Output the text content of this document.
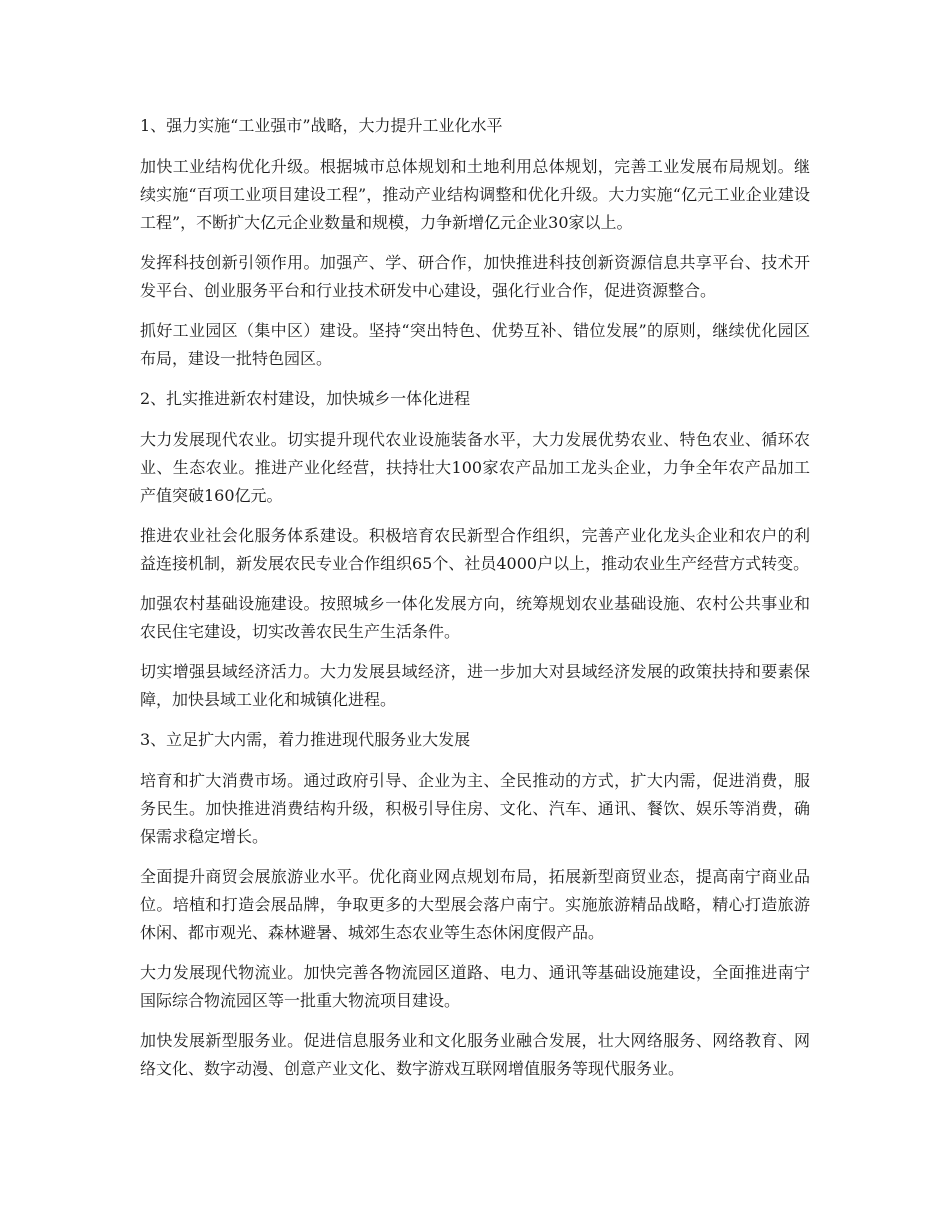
1、强力实施“工业强市”战略，大力提升工业化水平

加快工业结构优化升级。根据城市总体规划和土地利用总体规划，完善工业发展布局规划。继续实施“百项工业项目建设工程”，推动产业结构调整和优化升级。大力实施“亿元工业企业建设工程”，不断扩大亿元企业数量和规模，力争新增亿元企业30家以上。

发挥科技创新引领作用。加强产、学、研合作，加快推进科技创新资源信息共享平台、技术开发平台、创业服务平台和行业技术研发中心建设，强化行业合作，促进资源整合。

抓好工业园区（集中区）建设。坚持“突出特色、优势互补、错位发展”的原则，继续优化园区布局，建设一批特色园区。

2、扎实推进新农村建设，加快城乡一体化进程

大力发展现代农业。切实提升现代农业设施装备水平，大力发展优势农业、特色农业、循环农业、生态农业。推进产业化经营，扶持壮大100家农产品加工龙头企业，力争全年农产品加工产值突破160亿元。

推进农业社会化服务体系建设。积极培育农民新型合作组织，完善产业化龙头企业和农户的利益连接机制，新发展农民专业合作组织65个、社员4000户以上，推动农业生产经营方式转变。

加强农村基础设施建设。按照城乡一体化发展方向，统筹规划农业基础设施、农村公共事业和农民住宅建设，切实改善农民生产生活条件。

切实增强县域经济活力。大力发展县域经济，进一步加大对县域经济发展的政策扶持和要素保障，加快县域工业化和城镇化进程。

3、立足扩大内需，着力推进现代服务业大发展

培育和扩大消费市场。通过政府引导、企业为主、全民推动的方式，扩大内需，促进消费，服务民生。加快推进消费结构升级，积极引导住房、文化、汽车、通讯、餐饮、娱乐等消费，确保需求稳定增长。

全面提升商贸会展旅游业水平。优化商业网点规划布局，拓展新型商贸业态，提高南宁商业品位。培植和打造会展品牌，争取更多的大型展会落户南宁。实施旅游精品战略，精心打造旅游休闲、都市观光、森林避暑、城郊生态农业等生态休闲度假产品。

大力发展现代物流业。加快完善各物流园区道路、电力、通讯等基础设施建设，全面推进南宁国际综合物流园区等一批重大物流项目建设。

加快发展新型服务业。促进信息服务业和文化服务业融合发展，壮大网络服务、网络教育、网络文化、数字动漫、创意产业文化、数字游戏互联网增值服务等现代服务业。
